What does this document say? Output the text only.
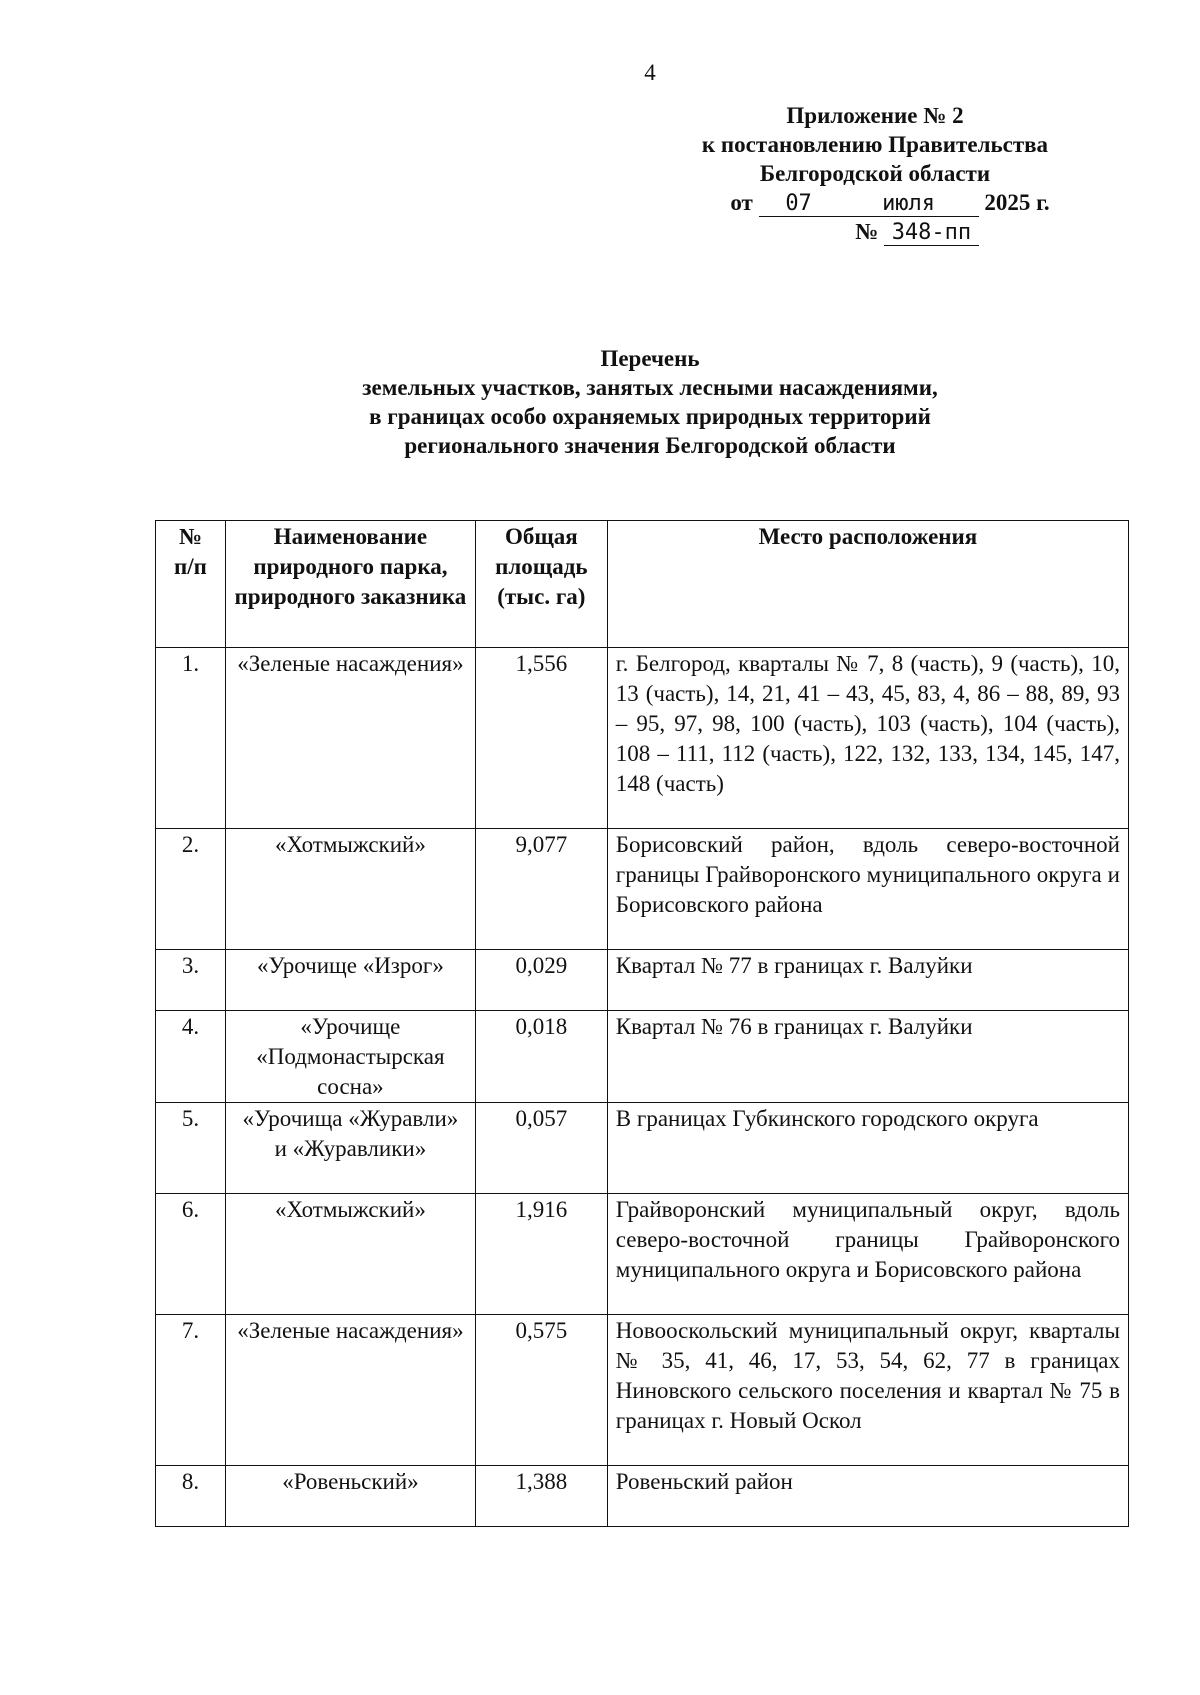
4
Приложение № 2
к постановлению Правительства
Белгородской области
от 07	июля 2025 г.
№ 348-пп
Перечень
земельных участков, занятых лесными насаждениями,
в границах особо охраняемых природных территорий
регионального значения Белгородской области
№ п/п	Наименование природного парка, природного заказника	Общая площадь (тыс. га)	Место расположения
1.	«Зеленые насаждения»	1,556	г. Белгород, кварталы № 7, 8 (часть), 9 (часть), 10, 13 (часть), 14, 21, 41 – 43, 45, 83, 4, 86 – 88, 89, 93 – 95, 97, 98, 100 (часть), 103 (часть), 104 (часть), 108 – 111, 112 (часть), 122, 132, 133, 134, 145, 147, 148 (часть)
2.	«Хотмыжский»	9,077	Борисовский район, вдоль северо-восточной границы Грайворонского муниципального округа и Борисовского района
3.	«Урочище «Изрог»	0,029	Квартал № 77 в границах г. Валуйки
4.	«Урочище «Подмонастырская сосна»	0,018	Квартал № 76 в границах г. Валуйки
5.	«Урочища «Журавли» и «Журавлики»	0,057	В границах Губкинского городского округа
6.	«Хотмыжский»	1,916	Грайворонский муниципальный округ, вдоль северо-восточной границы Грайворонского муниципального округа и Борисовского района
7.	«Зеленые насаждения»	0,575	Новооскольский муниципальный округ, кварталы № 35, 41, 46, 17, 53, 54, 62, 77 в границах Ниновского сельского поселения и квартал № 75 в границах г. Новый Оскол
8.	«Ровеньский»	1,388	Ровеньский район
